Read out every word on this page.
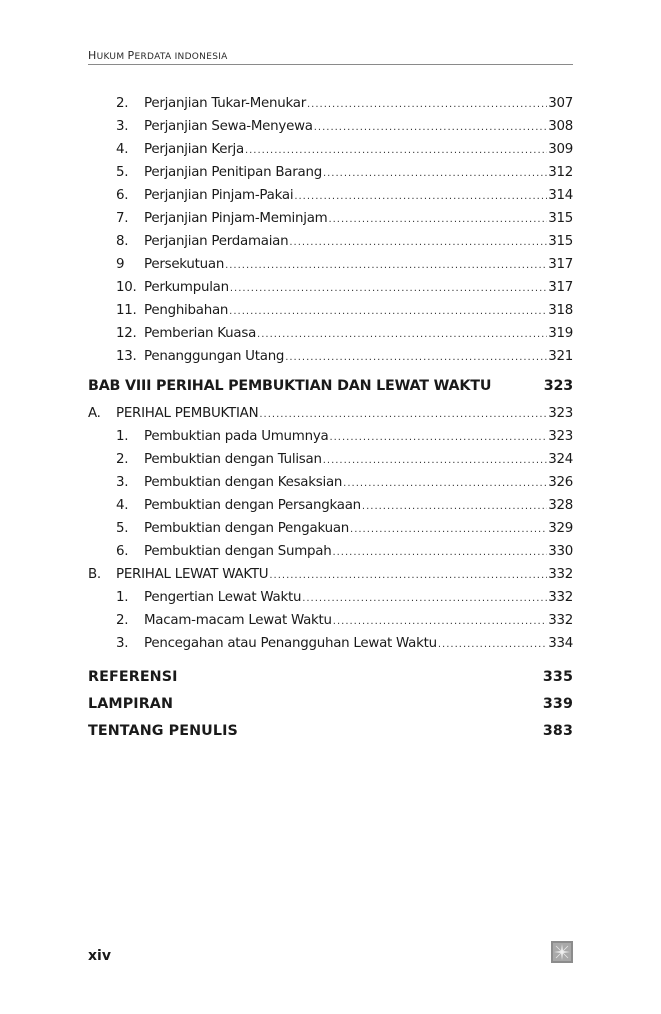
HUKUM PERDATA INDONESIA
2.	Perjanjian Tukar-Menukar .....	307
3.	Perjanjian Sewa-Menyewa .....	308
4.	Perjanjian Kerja .....	309
5.	Perjanjian Penitipan Barang .....	312
6.	Perjanjian Pinjam-Pakai .....	314
7.	Perjanjian Pinjam-Meminjam .....	315
8.	Perjanjian Perdamaian .....	315
9	Persekutuan .....	317
10. Perkumpulan .....	317
11. Penghibahan .....	318
12. Pemberian Kuasa .....	319
13. Penanggungan Utang .....	321
BAB VIII PERIHAL PEMBUKTIAN DAN LEWAT WAKTU	323
A.	PERIHAL PEMBUKTIAN .....	323
1.	Pembuktian pada Umumnya .....	323
2.	Pembuktian dengan Tulisan .....	324
3.	Pembuktian dengan Kesaksian .....	326
4.	Pembuktian dengan Persangkaan .....	328
5.	Pembuktian dengan Pengakuan .....	329
6.	Pembuktian dengan Sumpah .....	330
B.	PERIHAL LEWAT WAKTU .....	332
1.	Pengertian Lewat Waktu .....	332
2.	Macam-macam Lewat Waktu .....	332
3.	Pencegahan atau Penangguhan Lewat Waktu .....	334
REFERENSI	335
LAMPIRAN	339
TENTANG PENULIS	383
xiv
